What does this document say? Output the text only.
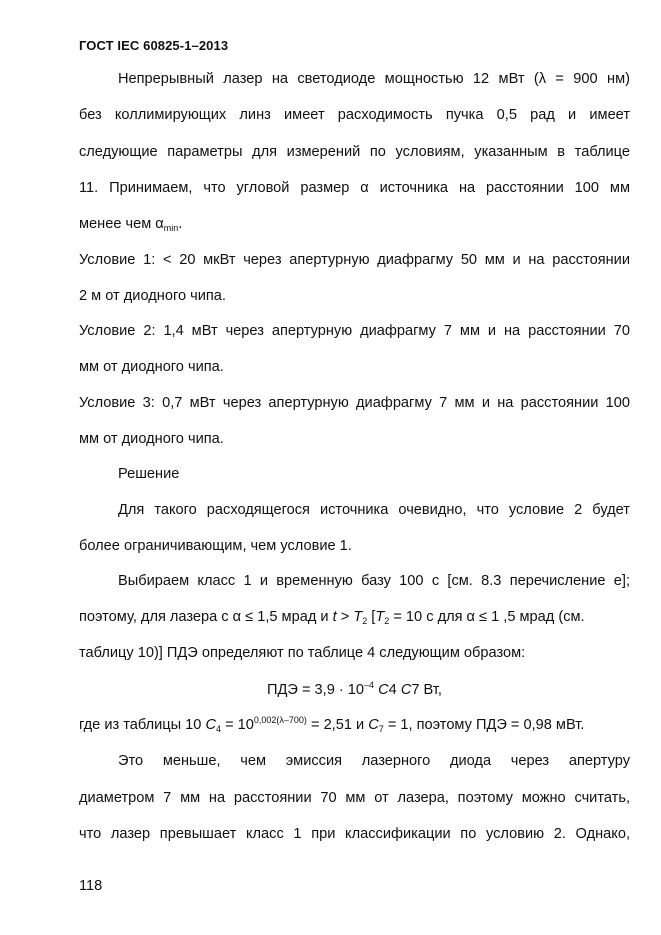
ГОСТ IEC 60825-1–2013
Непрерывный лазер на светодиоде мощностью 12 мВт (λ = 900 нм)
без коллимирующих линз имеет расходимость пучка 0,5 рад и имеет
следующие параметры для измерений по условиям, указанным в таблице
11. Принимаем, что угловой размер α источника на расстоянии 100 мм
менее чем $\alpha_{min}$.
Условие 1: < 20 мкВт через апертурную диафрагму 50 мм и на расстоянии
2 м от диодного чипа.
Условие 2: 1,4 мВт через апертурную диафрагму 7 мм и на расстоянии 70
мм от диодного чипа.
Условие 3: 0,7 мВт через апертурную диафрагму 7 мм и на расстоянии 100
мм от диодного чипа.
Решение
Для такого расходящегося источника очевидно, что условие 2 будет
более ограничивающим, чем условие 1.
Выбираем класс 1 и временную базу 100 с [см. 8.3 перечисление е];
поэтому, для лазера с α ≤ 1,5 мрад и $t > T_2$ [$T_2 = 10$ с для α ≤ 1 ,5 мрад (см.
таблицу 10)] ПДЭ определяют по таблице 4 следующим образом:
ПДЭ = $3,9 \cdot 10^{-4}$ C4 C7 Вт,
где из таблицы 10 $C_4 = 10^{0,002(\lambda-700)} = 2,51$ и $C_7 = 1$, поэтому ПДЭ = 0,98 мВт.
Это меньше, чем эмиссия лазерного диода через апертуру
диаметром 7 мм на расстоянии 70 мм от лазера, поэтому можно считать,
что лазер превышает класс 1 при классификации по условию 2. Однако,
118
